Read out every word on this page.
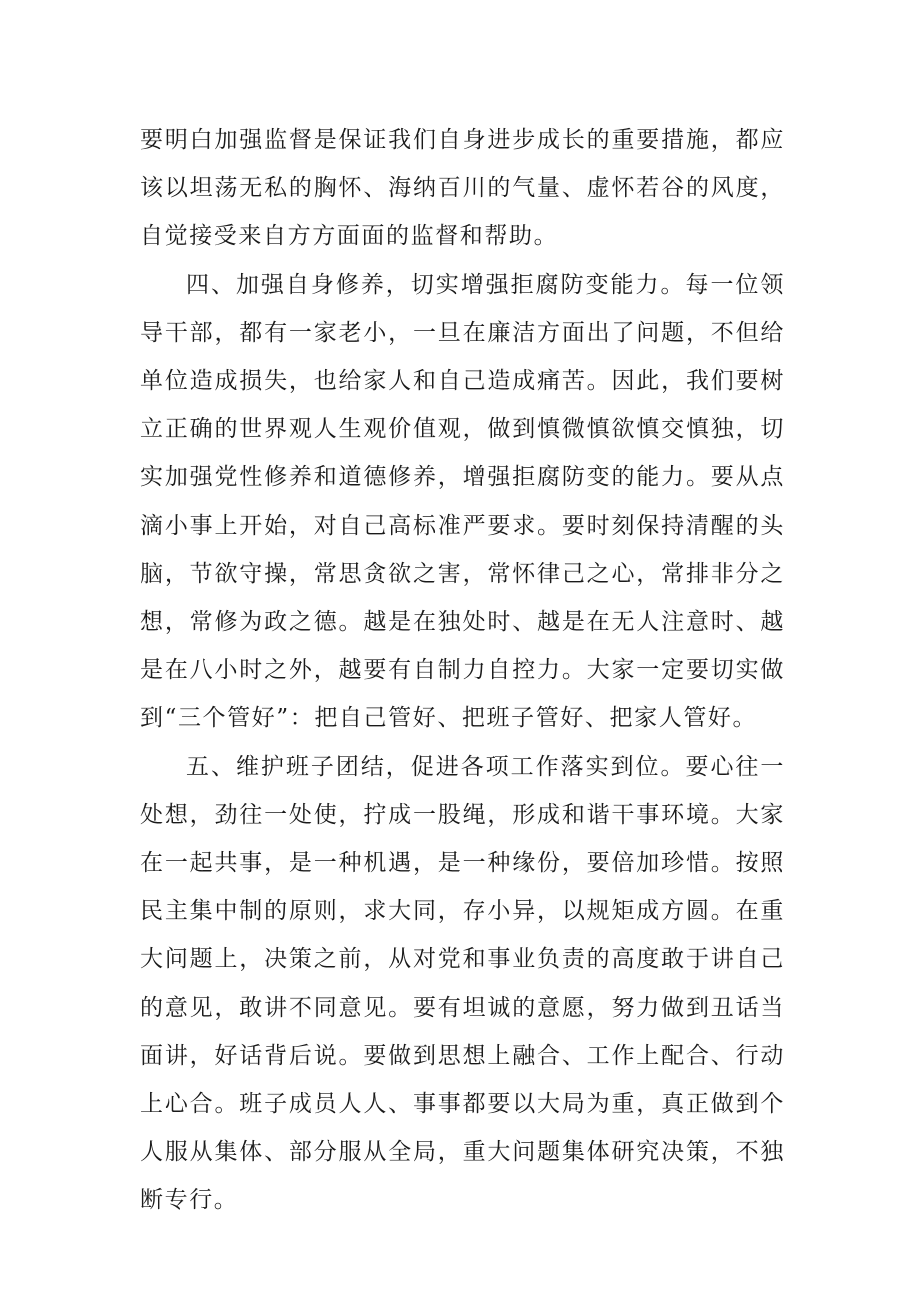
要明白加强监督是保证我们自身进步成长的重要措施，都应该以坦荡无私的胸怀、海纳百川的气量、虚怀若谷的风度，自觉接受来自方方面面的监督和帮助。

四、加强自身修养，切实增强拒腐防变能力。每一位领导干部，都有一家老小，一旦在廉洁方面出了问题，不但给单位造成损失，也给家人和自己造成痛苦。因此，我们要树立正确的世界观人生观价值观，做到慎微慎欲慎交慎独，切实加强党性修养和道德修养，增强拒腐防变的能力。要从点滴小事上开始，对自己高标准严要求。要时刻保持清醒的头脑，节欲守操，常思贪欲之害，常怀律己之心，常排非分之想，常修为政之德。越是在独处时、越是在无人注意时、越是在八小时之外，越要有自制力自控力。大家一定要切实做到“三个管好”：把自己管好、把班子管好、把家人管好。

五、维护班子团结，促进各项工作落实到位。要心往一处想，劲往一处使，拧成一股绳，形成和谐干事环境。大家在一起共事，是一种机遇，是一种缘份，要倍加珍惜。按照民主集中制的原则，求大同，存小异，以规矩成方圆。在重大问题上，决策之前，从对党和事业负责的高度敢于讲自己的意见，敢讲不同意见。要有坦诚的意愿，努力做到丑话当面讲，好话背后说。要做到思想上融合、工作上配合、行动上心合。班子成员人人、事事都要以大局为重，真正做到个人服从集体、部分服从全局，重大问题集体研究决策，不独断专行。
